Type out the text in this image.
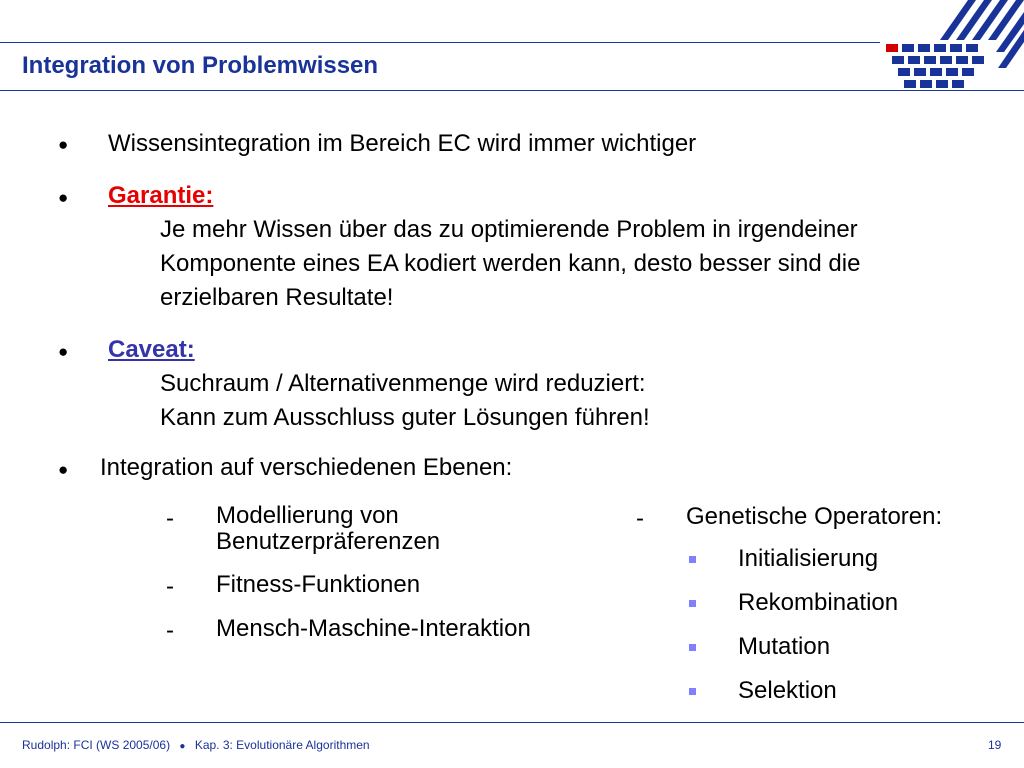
Integration von Problemwissen
● Wissensintegration im Bereich EC wird immer wichtiger
● Garantie:
Je mehr Wissen über das zu optimierende Problem in irgendeiner
Komponente eines EA kodiert werden kann, desto besser sind die
erzielbaren Resultate!
● Caveat:
Suchraum / Alternativenmenge wird reduziert:
Kann zum Ausschluss guter Lösungen führen!
● Integration auf verschiedenen Ebenen:
- Modellierung von
Benutzerpräferenzen
- Fitness-Funktionen
- Mensch-Maschine-Interaktion
- Genetische Operatoren:
Initialisierung
Rekombination
Mutation
Selektion
Rudolph: FCI (WS 2005/06) ● Kap. 3: Evolutionäre Algorithmen	19
